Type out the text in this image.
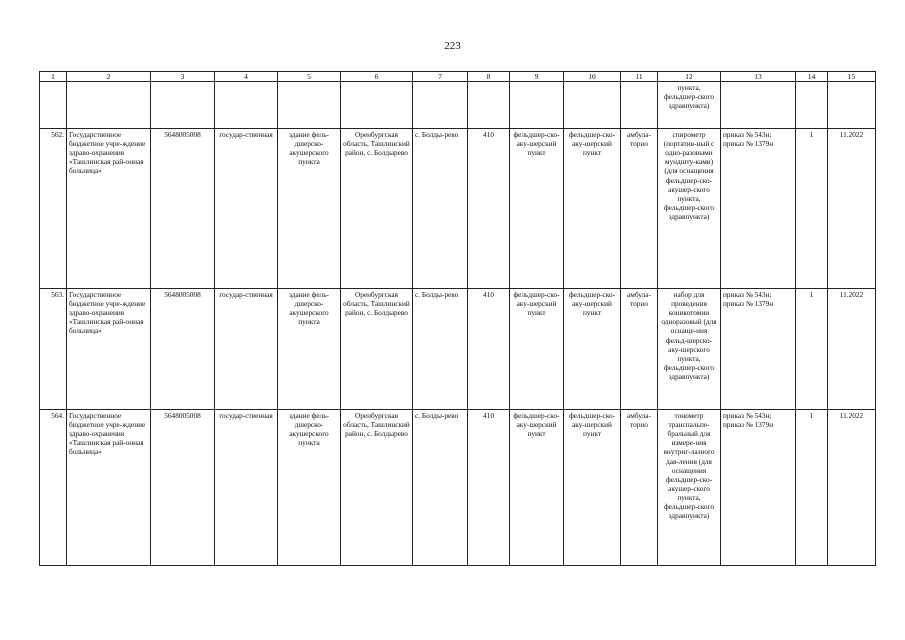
223
1	2	3	4	5	6	7	8	9	10	11	12	13	14	15
											пункта, фельдшер-ского здравпункта)			
562.	Государственное бюджетное учре-ждение здраво-охранения «Ташлинская рай-онная больница»	5648005008	государ-ственная	здание фель-дшерско-акушерского пункта	Оренбургская область, Ташлинский район, с. Болдырево	с. Болды-рево	410	фельдшер-ско-аку-шерский пункт	фельдшер-ско-аку-шерский пункт	амбула-торно	спирометр (портатив-ный с одно-разовыми мундшту-ками) (для оснащения фельдшер-ско-акушер-ского пункта, фельдшер-ского здравпункта)	приказ № 543н; приказ № 1379н	1	11.2022
563.	Государственное бюджетное учре-ждение здраво-охранения «Ташлинская рай-онная больница»	5648005008	государ-ственная	здание фель-дшерско-акушерского пункта	Оренбургская область, Ташлинский район, с. Болдырево	с. Болды-рево	410	фельдшер-ско-аку-шерский пункт	фельдшер-ско-аку-шерский пункт	амбула-торно	набор для проведения коникотомии одноразовый (для оснаще-ния фельд-шерско-аку-шерского пункта, фельдшер-ского здравпункта)	приказ № 543н; приказ № 1379н	1	11.2022
564.	Государственное бюджетное учре-ждение здраво-охранения «Ташлинская рай-онная больница»	5648005008	государ-ственная	здание фель-дшерско-акушерского пункта	Оренбургская область, Ташлинский район, с. Болдырево	с. Болды-рево	410	фельдшер-ско-аку-шерский пункт	фельдшер-ско-аку-шерский пункт	амбула-торно	тонометр транспальпе-бральный для измере-ния внутриг-лазного дав-ления (для оснащения фельдшер-ско-акушер-ского пункта, фельдшер-ского здравпункта)	приказ № 543н; приказ № 1379н	1	11.2022
